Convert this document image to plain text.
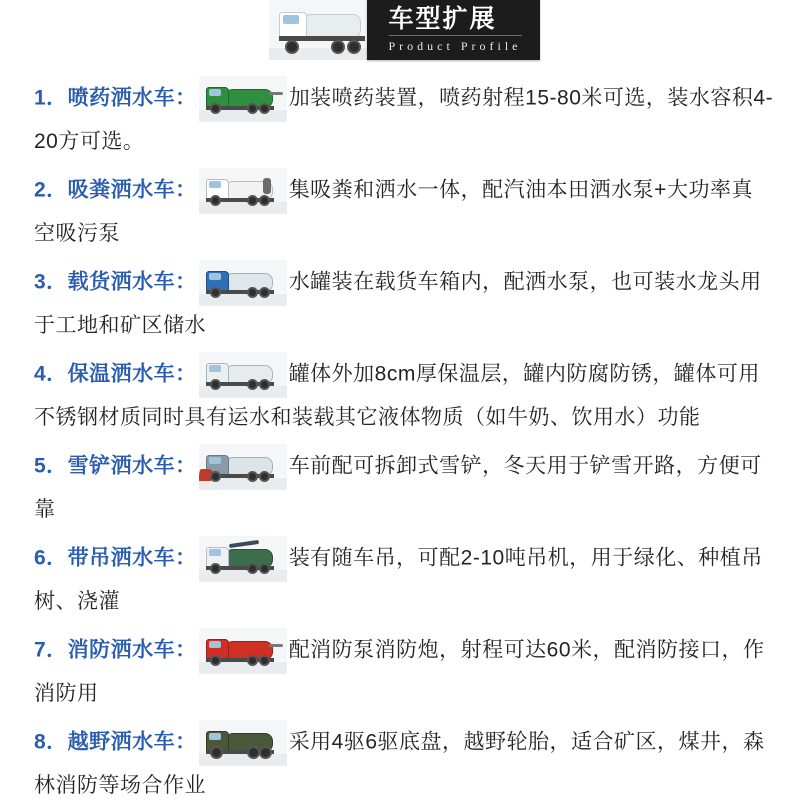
车型扩展
Product Profile
1．喷药洒水车：	加装喷药装置，喷药射程15-80米可选，装水容积4-20方可选。
2．吸粪洒水车：	集吸粪和洒水一体，配汽油本田洒水泵+大功率真空吸污泵
3．载货洒水车：	水罐装在载货车箱内，配洒水泵，也可装水龙头用于工地和矿区储水
4．保温洒水车：	罐体外加8cm厚保温层，罐内防腐防锈，罐体可用不锈钢材质同时具有运水和装载其它液体物质（如牛奶、饮用水）功能
5．雪铲洒水车：	车前配可拆卸式雪铲，冬天用于铲雪开路，方便可靠
6．带吊洒水车：	装有随车吊，可配2-10吨吊机，用于绿化、种植吊树、浇灌
7．消防洒水车：	配消防泵消防炮，射程可达60米，配消防接口，作消防用
8．越野洒水车：	采用4驱6驱底盘，越野轮胎，适合矿区，煤井，森林消防等场合作业
